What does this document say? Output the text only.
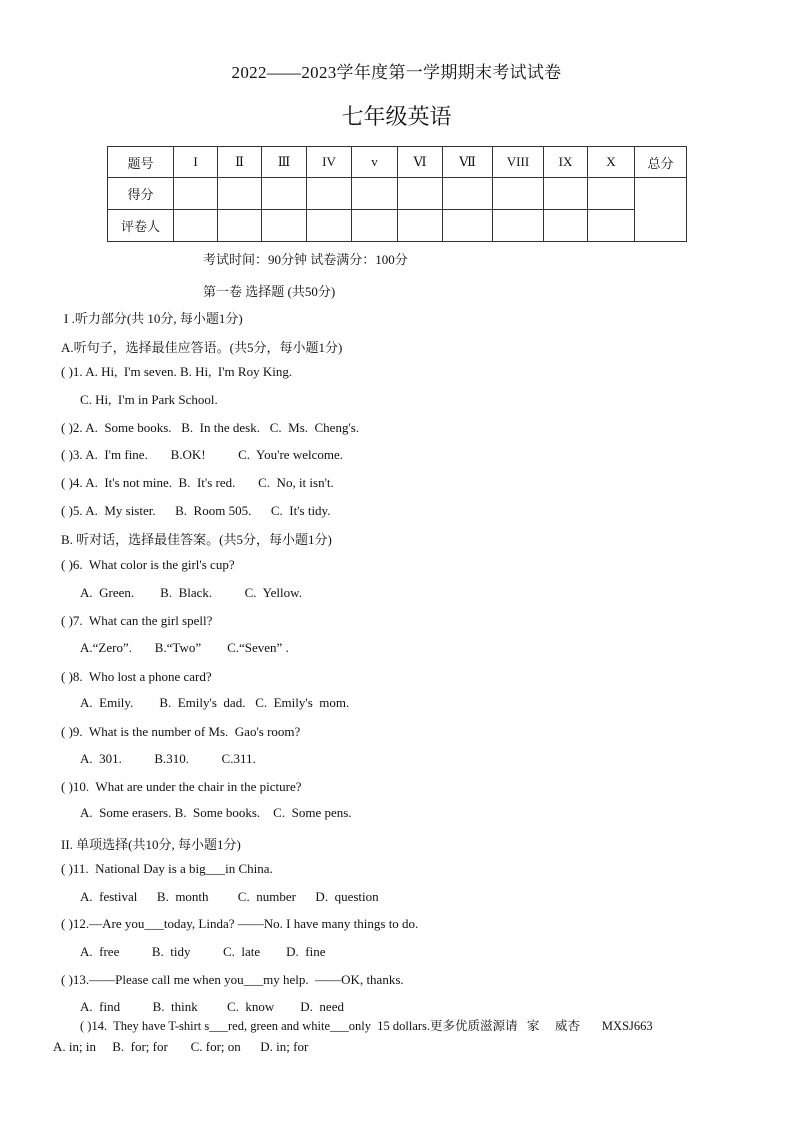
2022——2023学年度第一学期期末考试试卷
七年级英语
题号	I	Ⅱ	Ⅲ	IV	v	Ⅵ	Ⅶ	VIII	IX	X	总分
得分											
评卷人											
考试时间：90分钟 试卷满分：100分
第一卷 选择题 (共50分)
I .听力部分(共 10分, 每小题1分)
A.听句子，选择最佳应答语。(共5分，每小题1分)
( )1. A. Hi,  I'm seven. B. Hi,  I'm Roy King.
C. Hi,  I'm in Park School.
( )2. A.  Some books.   B.  In the desk.   C.  Ms.  Cheng's.
( )3. A.  I'm fine.       B.OK!          C.  You're welcome.
( )4. A.  It's not mine.  B.  It's red.       C.  No, it isn't.
( )5. A.  My sister.      B.  Room 505.      C.  It's tidy.
B. 听对话，选择最佳答案。(共5分，每小题1分)
( )6.  What color is the girl's cup?
A.  Green.        B.  Black.          C.  Yellow.
( )7.  What can the girl spell?
A.“Zero”.       B.“Two”        C.“Seven” .
( )8.  Who lost a phone card?
A.  Emily.        B.  Emily's  dad.   C.  Emily's  mom.
( )9.  What is the number of Ms.  Gao's room?
A.  301.          B.310.          C.311.
( )10.  What are under the chair in the picture?
A.  Some erasers. B.  Some books.    C.  Some pens.
II. 单项选择(共10分, 每小题1分)
( )11.  National Day is a big___in China.
A.  festival      B.  month         C.  number      D.  question
( )12.—Are you___today, Linda? ——No. I have many things to do.
A.  free          B.  tidy          C.  late        D.  fine
( )13.——Please call me when you___my help.  ——OK, thanks.
A.  find          B.  think         C.  know        D.  need
( )14.  They have T-shirt s___red, green and white___only  15 dollars.更多优质滋源请   家     威杏       MXSJ663
A. in; in     B.  for; for       C. for; on      D. in; for
